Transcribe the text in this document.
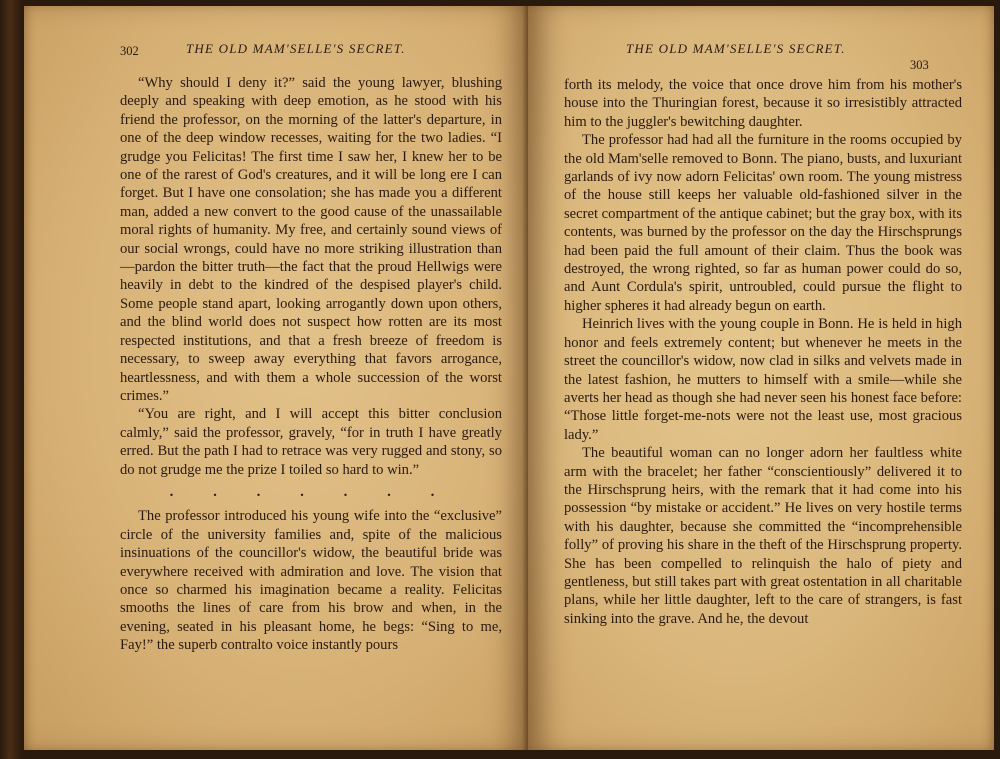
302	THE OLD MAM'SELLE'S SECRET.

“Why should I deny it?” said the young lawyer, blushing deeply and speaking with deep emotion, as he stood with his friend the professor, on the morning of the latter's departure, in one of the deep window recesses, waiting for the two ladies. “I grudge you Felicitas! The first time I saw her, I knew her to be one of the rarest of God's creatures, and it will be long ere I can forget. But I have one consolation; she has made you a different man, added a new convert to the good cause of the unassailable moral rights of humanity. My free, and certainly sound views of our social wrongs, could have no more striking illustration than—pardon the bitter truth—the fact that the proud Hellwigs were heavily in debt to the kindred of the despised player's child. Some people stand apart, looking arrogantly down upon others, and the blind world does not suspect how rotten are its most respected institutions, and that a fresh breeze of freedom is necessary, to sweep away everything that favors arrogance, heartlessness, and with them a whole succession of the worst crimes.”

“You are right, and I will accept this bitter conclusion calmly,” said the professor, gravely, “for in truth I have greatly erred. But the path I had to retrace was very rugged and stony, so do not grudge me the prize I toiled so hard to win.”

. . . . . . .

The professor introduced his young wife into the “exclusive” circle of the university families and, spite of the malicious insinuations of the councillor's widow, the beautiful bride was everywhere received with admiration and love. The vision that once so charmed his imagination became a reality. Felicitas smooths the lines of care from his brow and when, in the evening, seated in his pleasant home, he begs: “Sing to me, Fay!” the superb contralto voice instantly pours

THE OLD MAM'SELLE'S SECRET.
303

forth its melody, the voice that once drove him from his mother's house into the Thuringian forest, because it so irresistibly attracted him to the juggler's bewitching daughter.

The professor had had all the furniture in the rooms occupied by the old Mam'selle removed to Bonn. The piano, busts, and luxuriant garlands of ivy now adorn Felicitas' own room. The young mistress of the house still keeps her valuable old-fashioned silver in the secret compartment of the antique cabinet; but the gray box, with its contents, was burned by the professor on the day the Hirschsprungs had been paid the full amount of their claim. Thus the book was destroyed, the wrong righted, so far as human power could do so, and Aunt Cordula's spirit, untroubled, could pursue the flight to higher spheres it had already begun on earth.

Heinrich lives with the young couple in Bonn. He is held in high honor and feels extremely content; but whenever he meets in the street the councillor's widow, now clad in silks and velvets made in the latest fashion, he mutters to himself with a smile—while she averts her head as though she had never seen his honest face before: “Those little forget-me-nots were not the least use, most gracious lady.”

The beautiful woman can no longer adorn her faultless white arm with the bracelet; her father “conscientiously” delivered it to the Hirschsprung heirs, with the remark that it had come into his possession “by mistake or accident.” He lives on very hostile terms with his daughter, because she committed the “incomprehensible folly” of proving his share in the theft of the Hirschsprung property. She has been compelled to relinquish the halo of piety and gentleness, but still takes part with great ostentation in all charitable plans, while her little daughter, left to the care of strangers, is fast sinking into the grave. And he, the devout
